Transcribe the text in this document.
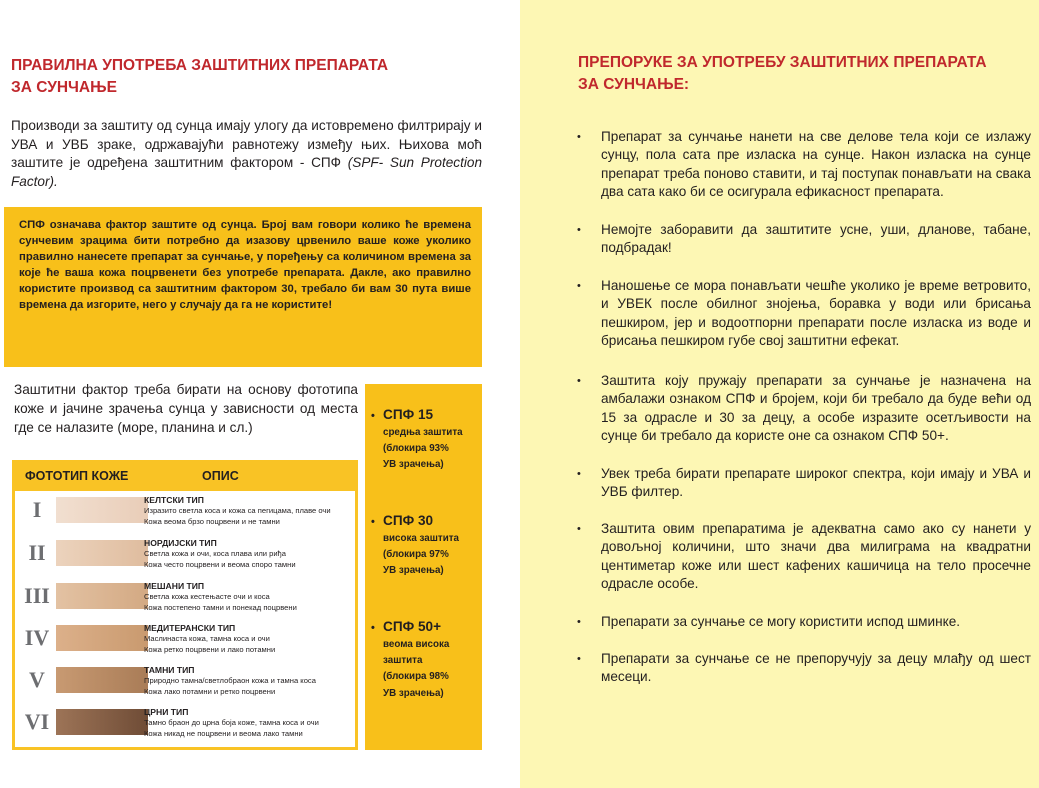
ПРАВИЛНА УПОТРЕБА ЗАШТИТНИХ ПРЕПАРАТА
ЗА СУНЧАЊЕ

Производи за заштиту од сунца имају улогу да истовремено филтрирају и УВА и УВБ зраке, одржавајући равнотежу између њих. Њихова моћ заштите је одређена заштитним фактором - СПФ (SPF- Sun Protection Factor).

СПФ означава фактор заштите од сунца. Број вам говори колико ће времена сунчевим зрацима бити потребно да изазову црвенило ваше коже уколико правилно нанесете препарат за сунчање, у поређењу са количином времена за које ће ваша кожа поцрвенети без употребе препарата. Дакле, ако правилно користите производ са заштитним фактором 30, требало би вам 30 пута више времена да изгорите, него у случају да га не користите!

Заштитни фактор треба бирати на основу фототипа коже и јачине зрачења сунца у зависности од места где се налазите (море, планина и сл.)

ФОТОТИП КОЖЕ	ОПИС
I	КЕЛТСКИ ТИП
Изразито светла коса и кожа са пегицама, плаве очи
Кожа веома брзо поцрвени и не тамни
II	НОРДИЈСКИ ТИП
Светла кожа и очи, коса плава или риђа
Кожа често поцрвени и веома споро тамни
III	МЕШАНИ ТИП
Светла кожа кестењасте очи и коса
Кожа постепено тамни и понекад поцрвени
IV	МЕДИТЕРАНСКИ ТИП
Маслинаста кожа, тамна коса и очи
Кожа ретко поцрвени и лако потамни
V	ТАМНИ ТИП
Природно тамна/светлобраон кожа и тамна коса
Кожа лако потамни и ретко поцрвени
VI	ЦРНИ ТИП
Тамно браон до црна боја коже, тамна коса и очи
Кожа никад не поцрвени и веома лако тамни
• СПФ 15
средња заштита
(блокира 93%
УВ зрачења)
• СПФ 30
висока заштита
(блокира 97%
УВ зрачења)
• СПФ 50+
веома висока
заштита
(блокира 98%
УВ зрачења)
ПРЕПОРУКЕ ЗА УПОТРЕБУ ЗАШТИТНИХ ПРЕПАРАТА
ЗА СУНЧАЊЕ:
• Препарат за сунчање нанети на све делове тела који се излажу сунцу, пола сата пре изласка на сунце. Након изласка на сунце препарат треба поново ставити, и тај поступак понављати на свака два сата како би се осигурала ефикасност препарата.
• Немојте заборавити да заштитите усне, уши, дланове, табане, подбрадак!
• Наношење се мора понављати чешће уколико је време ветровито, и УВЕК после обилног знојења, боравка у води или брисања пешкиром, јер и водоотпорни препарати после изласка из воде и брисања пешкиром губе свој заштитни ефекат.
• Заштита коју пружају препарати за сунчање је назначена на амбалажи ознаком СПФ и бројем, који би требало да буде већи од 15 за одрасле и 30 за децу, а особе изразите осетљивости на сунце би требало да користе оне са ознаком СПФ 50+.
• Увек треба бирати препарате широког спектра, који имају и УВА и УВБ филтер.
• Заштита овим препаратима је адекватна само ако су нанети у довољној количини, што значи два милиграма на квадратни центиметар коже или шест кафених кашичица на тело просечне одрасле особе.
• Препарати за сунчање се могу користити испод шминке.
• Препарати за сунчање се не препоручују за децу млађу од шест месеци.
